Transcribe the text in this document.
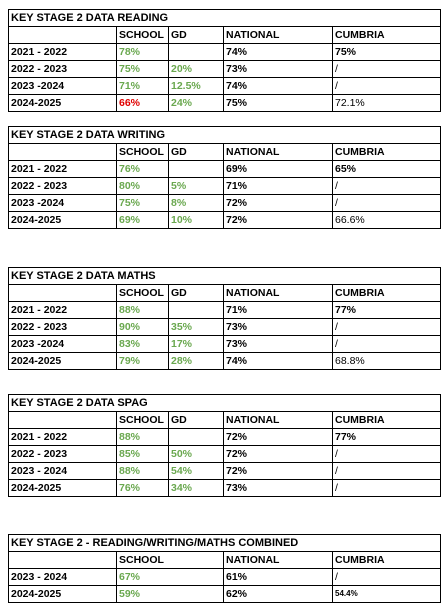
KEY STAGE 2 DATA READING				
	SCHOOL	GD	NATIONAL	CUMBRIA
2021 - 2022	78%		74%	75%
2022 - 2023	75%	20%	73%	/
2023 -2024	71%	12.5%	74%	/
2024-2025	66%	24%	75%	72.1%
KEY STAGE 2 DATA WRITING				
	SCHOOL	GD	NATIONAL	CUMBRIA
2021 - 2022	76%		69%	65%
2022 - 2023	80%	5%	71%	/
2023 -2024	75%	8%	72%	/
2024-2025	69%	10%	72%	66.6%
KEY STAGE 2 DATA MATHS				
	SCHOOL	GD	NATIONAL	CUMBRIA
2021 - 2022	88%		71%	77%
2022 - 2023	90%	35%	73%	/
2023 -2024	83%	17%	73%	/
2024-2025	79%	28%	74%	68.8%
KEY STAGE 2 DATA SPAG				
	SCHOOL	GD	NATIONAL	CUMBRIA
2021 - 2022	88%		72%	77%
2022 - 2023	85%	50%	72%	/
2023 - 2024	88%	54%	72%	/
2024-2025	76%	34%	73%	/
KEY STAGE 2 - READING/WRITING/MATHS COMBINED			
	SCHOOL	NATIONAL	CUMBRIA
2023 - 2024	67%	61%	/
2024-2025	59%	62%	54.4%
